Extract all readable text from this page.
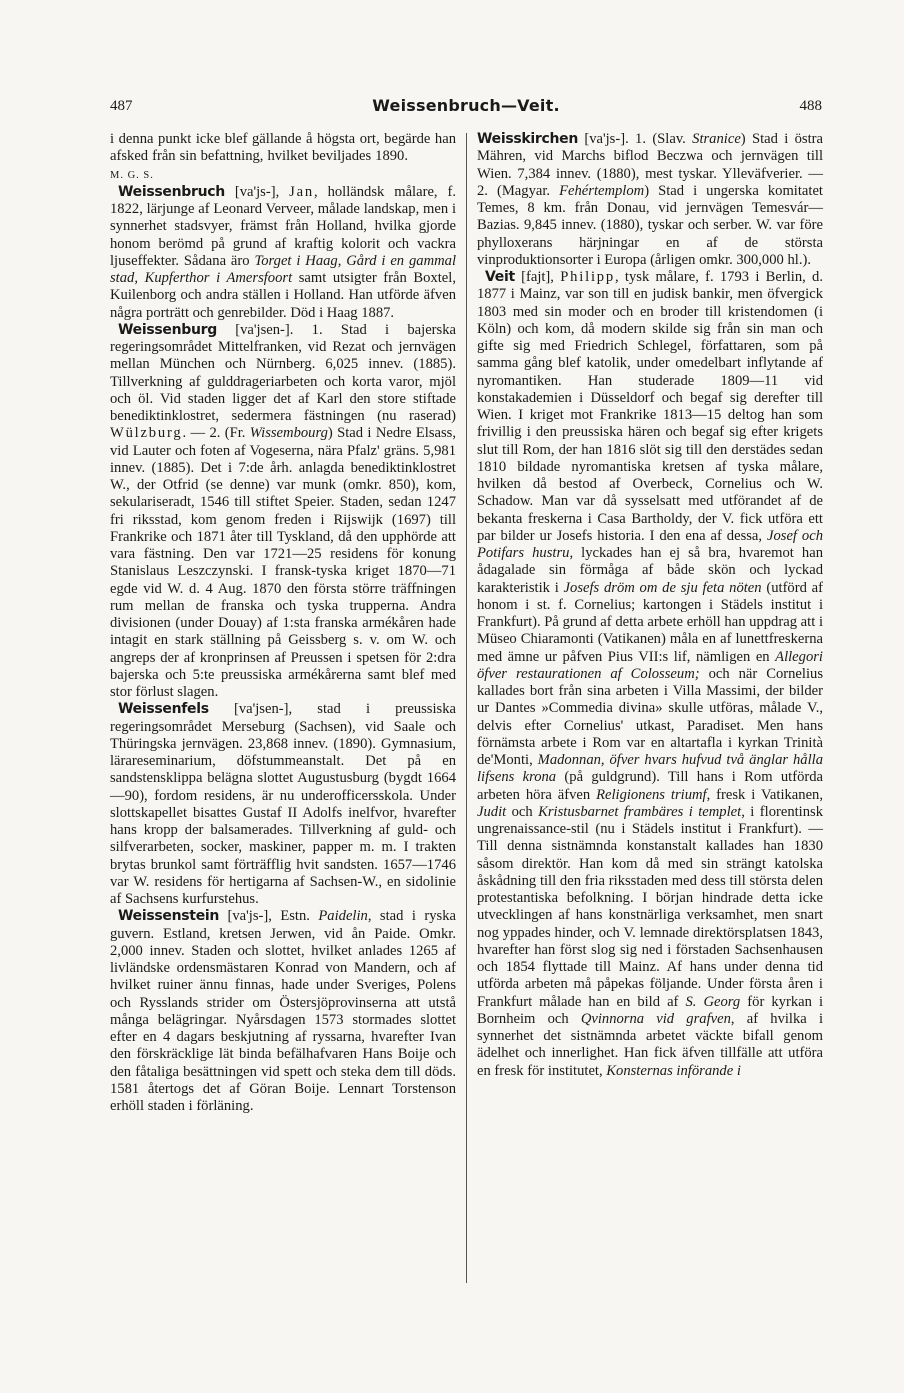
487	Weissenbruch—Veit.	488

i denna punkt icke blef gällande å högsta ort, begärde han afsked från sin befattning, hvilket beviljades 1890.M. G. S.

Weissenbruch [va'js-], Jan, holländsk målare, f. 1822, lärjunge af Leonard Verveer, målade landskap, men i synnerhet stadsvyer, främst från Holland, hvilka gjorde honom berömd på grund af kraftig kolorit och vackra ljuseffekter. Sådana äro Torget i Haag, Gård i en gammal stad, Kupferthor i Amersfoort samt utsigter från Boxtel, Kuilenborg och andra ställen i Holland. Han utförde äfven några porträtt och genrebilder. Död i Haag 1887.

Weissenburg [va'jsen-]. 1. Stad i bajerska regeringsområdet Mittelfranken, vid Rezat och jernvägen mellan München och Nürnberg. 6,025 innev. (1885). Tillverkning af gulddrageriarbeten och korta varor, mjöl och öl. Vid staden ligger det af Karl den store stiftade benediktinklostret, sedermera fästningen (nu raserad) Wülzburg. — 2. (Fr. Wissembourg) Stad i Nedre Elsass, vid Lauter och foten af Vogeserna, nära Pfalz' gräns. 5,981 innev. (1885). Det i 7:de årh. anlagda benediktinklostret W., der Otfrid (se denne) var munk (omkr. 850), kom, sekulariseradt, 1546 till stiftet Speier. Staden, sedan 1247 fri riksstad, kom genom freden i Rijswijk (1697) till Frankrike och 1871 åter till Tyskland, då den upphörde att vara fästning. Den var 1721—25 residens för konung Stanislaus Leszczynski. I fransk-tyska kriget 1870—71 egde vid W. d. 4 Aug. 1870 den första större träffningen rum mellan de franska och tyska trupperna. Andra divisionen (under Douay) af 1:sta franska armékåren hade intagit en stark ställning på Geissberg s. v. om W. och angreps der af kronprinsen af Preussen i spetsen för 2:dra bajerska och 5:te preussiska armékårerna samt blef med stor förlust slagen.

Weissenfels [va'jsen-], stad i preussiska regeringsområdet Merseburg (Sachsen), vid Saale och Thüringska jernvägen. 23,868 innev. (1890). Gymnasium, lärareseminarium, döfstummeanstalt. Det på en sandstensklippa belägna slottet Augustusburg (bygdt 1664—90), fordom residens, är nu underofficersskola. Under slottskapellet bisattes Gustaf II Adolfs inelfvor, hvarefter hans kropp der balsamerades. Tillverkning af guld- och silfverarbeten, socker, maskiner, papper m. m. I trakten brytas brunkol samt förträfflig hvit sandsten. 1657—1746 var W. residens för hertigarna af Sachsen-W., en sidolinie af Sachsens kurfurstehus.

Weissenstein [va'js-], Estn. Paidelin, stad i ryska guvern. Estland, kretsen Jerwen, vid ån Paide. Omkr. 2,000 innev. Staden och slottet, hvilket anlades 1265 af livländske ordensmästaren Konrad von Mandern, och af hvilket ruiner ännu finnas, hade under Sveriges, Polens och Rysslands strider om Östersjöprovinserna att utstå många belägringar. Nyårsdagen 1573 stormades slottet efter en 4 dagars beskjutning af ryssarna, hvarefter Ivan den förskräcklige lät binda befälhafvaren Hans Boije och den fåtaliga besättningen vid spett och steka dem till döds. 1581 återtogs det af Göran Boije. Lennart Torstenson erhöll staden i förläning.

Weisskirchen [va'js-]. 1. (Slav. Stranice) Stad i östra Mähren, vid Marchs biflod Beczwa och jernvägen till Wien. 7,384 innev. (1880), mest tyskar. Ylleväfverier. — 2. (Magyar. Fehértemplom) Stad i ungerska komitatet Temes, 8 km. från Donau, vid jernvägen Temesvár—Bazias. 9,845 innev. (1880), tyskar och serber. W. var före phylloxerans härjningar en af de största vinproduktionsorter i Europa (årligen omkr. 300,000 hl.).

Veit [fajt], Philipp, tysk målare, f. 1793 i Berlin, d. 1877 i Mainz, var son till en judisk bankir, men öfvergick 1803 med sin moder och en broder till kristendomen (i Köln) och kom, då modern skilde sig från sin man och gifte sig med Friedrich Schlegel, författaren, som på samma gång blef katolik, under omedelbart inflytande af nyromantiken. Han studerade 1809—11 vid konstakademien i Düsseldorf och begaf sig derefter till Wien. I kriget mot Frankrike 1813—15 deltog han som frivillig i den preussiska hären och begaf sig efter krigets slut till Rom, der han 1816 slöt sig till den derstädes sedan 1810 bildade nyromantiska kretsen af tyska målare, hvilken då bestod af Overbeck, Cornelius och W. Schadow. Man var då sysselsatt med utförandet af de bekanta freskerna i Casa Bartholdy, der V. fick utföra ett par bilder ur Josefs historia. I den ena af dessa, Josef och Potifars hustru, lyckades han ej så bra, hvaremot han ådagalade sin förmåga af både skön och lyckad karakteristik i Josefs dröm om de sju feta nöten (utförd af honom i st. f. Cornelius; kartongen i Städels institut i Frankfurt). På grund af detta arbete erhöll han uppdrag att i Müseo Chiaramonti (Vatikanen) måla en af lunettfreskerna med ämne ur påfven Pius VII:s lif, nämligen en Allegori öfver restaurationen af Colosseum; och när Cornelius kallades bort från sina arbeten i Villa Massimi, der bilder ur Dantes »Commedia divina» skulle utföras, målade V., delvis efter Cornelius' utkast, Paradiset. Men hans förnämsta arbete i Rom var en altartafla i kyrkan Trinità de'Monti, Madonnan, öfver hvars hufvud två änglar hålla lifsens krona (på guldgrund). Till hans i Rom utförda arbeten höra äfven Religionens triumf, fresk i Vatikanen, Judit och Kristusbarnet frambäres i templet, i florentinsk ungrenaissance-stil (nu i Städels institut i Frankfurt). — Till denna sistnämnda konstanstalt kallades han 1830 såsom direktör. Han kom då med sin strängt katolska åskådning till den fria riksstaden med dess till största delen protestantiska befolkning. I början hindrade detta icke utvecklingen af hans konstnärliga verksamhet, men snart nog yppades hinder, och V. lemnade direktörsplatsen 1843, hvarefter han först slog sig ned i förstaden Sachsenhausen och 1854 flyttade till Mainz. Af hans under denna tid utförda arbeten må påpekas följande. Under första åren i Frankfurt målade han en bild af S. Georg för kyrkan i Bornheim och Qvinnorna vid grafven, af hvilka i synnerhet det sistnämnda arbetet väckte bifall genom ädelhet och innerlighet. Han fick äfven tillfälle att utföra en fresk för institutet, Konsternas införande i
